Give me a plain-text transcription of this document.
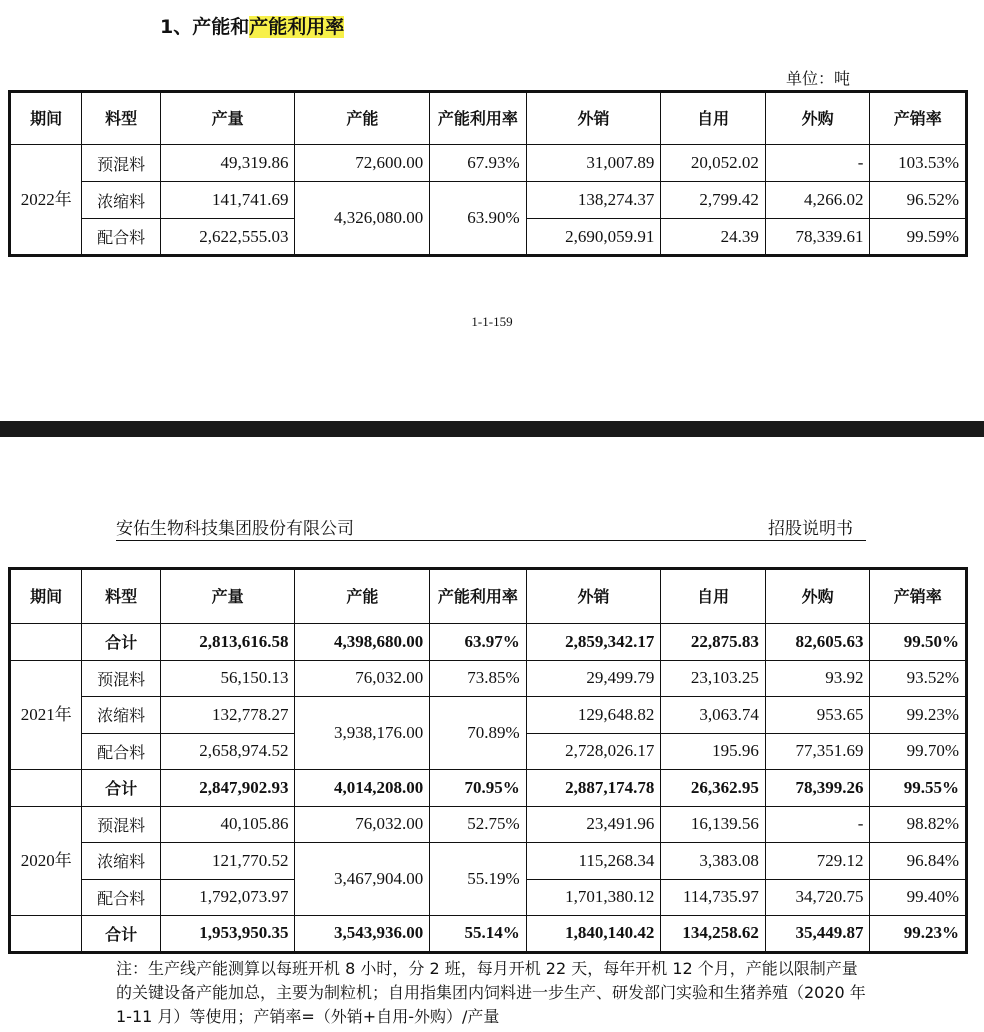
1、产能和产能利用率
单位：吨
期间	料型	产量	产能	产能利用率	外销	自用	外购	产销率
2022年	预混料	49,319.86	72,600.00	67.93%	31,007.89	20,052.02	-	103.53%
	浓缩料	141,741.69	4,326,080.00	63.90%	138,274.37	2,799.42	4,266.02	96.52%
	配合料	2,622,555.03			2,690,059.91	24.39	78,339.61	99.59%
1-1-159
安佑生物科技集团股份有限公司	招股说明书
期间	料型	产量	产能	产能利用率	外销	自用	外购	产销率
	合计	2,813,616.58	4,398,680.00	63.97%	2,859,342.17	22,875.83	82,605.63	99.50%
2021年	预混料	56,150.13	76,032.00	73.85%	29,499.79	23,103.25	93.92	93.52%
	浓缩料	132,778.27	3,938,176.00	70.89%	129,648.82	3,063.74	953.65	99.23%
	配合料	2,658,974.52			2,728,026.17	195.96	77,351.69	99.70%
	合计	2,847,902.93	4,014,208.00	70.95%	2,887,174.78	26,362.95	78,399.26	99.55%
2020年	预混料	40,105.86	76,032.00	52.75%	23,491.96	16,139.56	-	98.82%
	浓缩料	121,770.52	3,467,904.00	55.19%	115,268.34	3,383.08	729.12	96.84%
	配合料	1,792,073.97			1,701,380.12	114,735.97	34,720.75	99.40%
	合计	1,953,950.35	3,543,936.00	55.14%	1,840,140.42	134,258.62	35,449.87	99.23%
注：生产线产能测算以每班开机 8 小时，分 2 班，每月开机 22 天，每年开机 12 个月，产能以限制产量的关键设备产能加总，主要为制粒机；自用指集团内饲料进一步生产、研发部门实验和生猪养殖（2020 年 1-11 月）等使用；产销率=（外销+自用-外购）/产量
